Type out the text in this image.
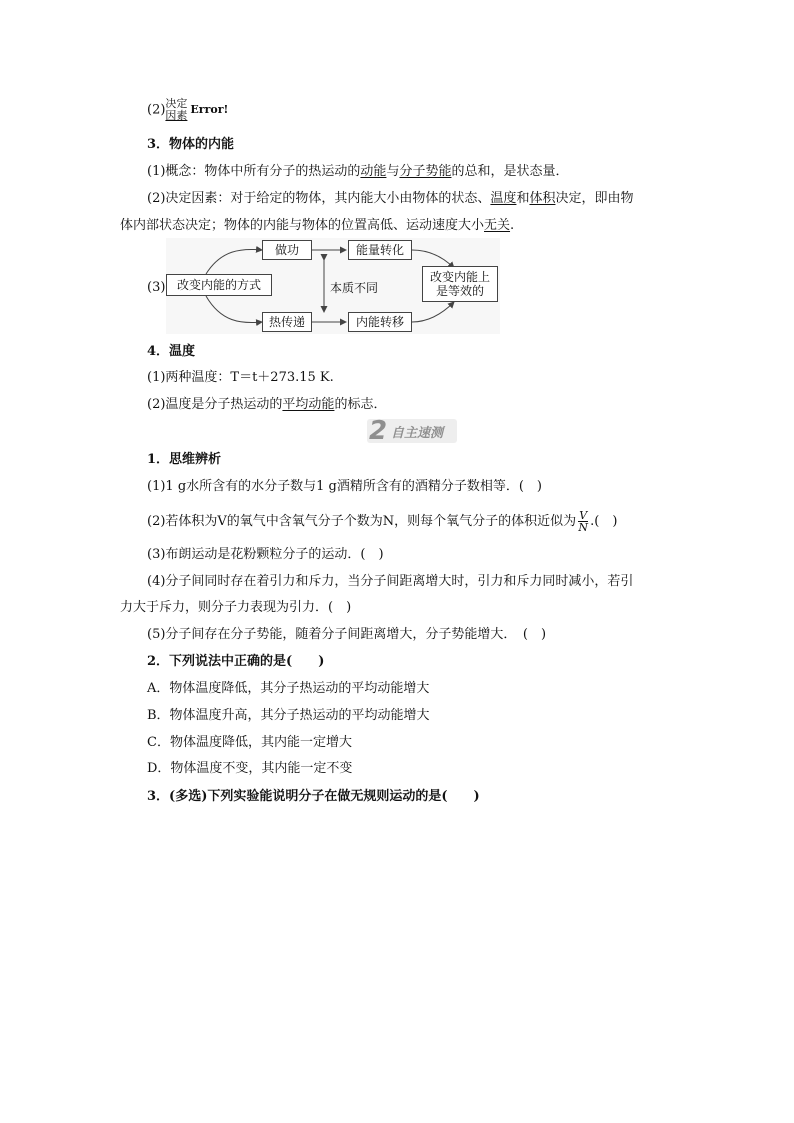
(2) 决定
因素 Error!
3．物体的内能
(1)概念：物体中所有分子的热运动的动能与分子势能的总和，是状态量．
(2)决定因素：对于给定的物体，其内能大小由物体的状态、温度和体积决定，即由物
体内部状态决定；物体的内能与物体的位置高低、运动速度大小无关.
(3) 改变内能的方式
做功
热传递
本质不同
能量转化
内能转移
改变内能上
是等效的
4．温度
(1)两种温度：T＝t＋273.15 K.
(2)温度是分子热运动的平均动能的标志．
2 自主速测
1．思维辨析
(1)1 g水所含有的水分子数与1 g酒精所含有的酒精分子数相等．(　)
(2)若体积为V的氧气中含氧气分子个数为N，则每个氧气分子的体积近似为 $\frac{V}{N}$ .(　)
(3)布朗运动是花粉颗粒分子的运动．(　)
(4)分子间同时存在着引力和斥力，当分子间距离增大时，引力和斥力同时减小，若引
力大于斥力，则分子力表现为引力．(　)
(5)分子间存在分子势能，随着分子间距离增大，分子势能增大．　(　)
2．下列说法中正确的是(　　)
A．物体温度降低，其分子热运动的平均动能增大
B．物体温度升高，其分子热运动的平均动能增大
C．物体温度降低，其内能一定增大
D．物体温度不变，其内能一定不变
3．(多选)下列实验能说明分子在做无规则运动的是(　　)
